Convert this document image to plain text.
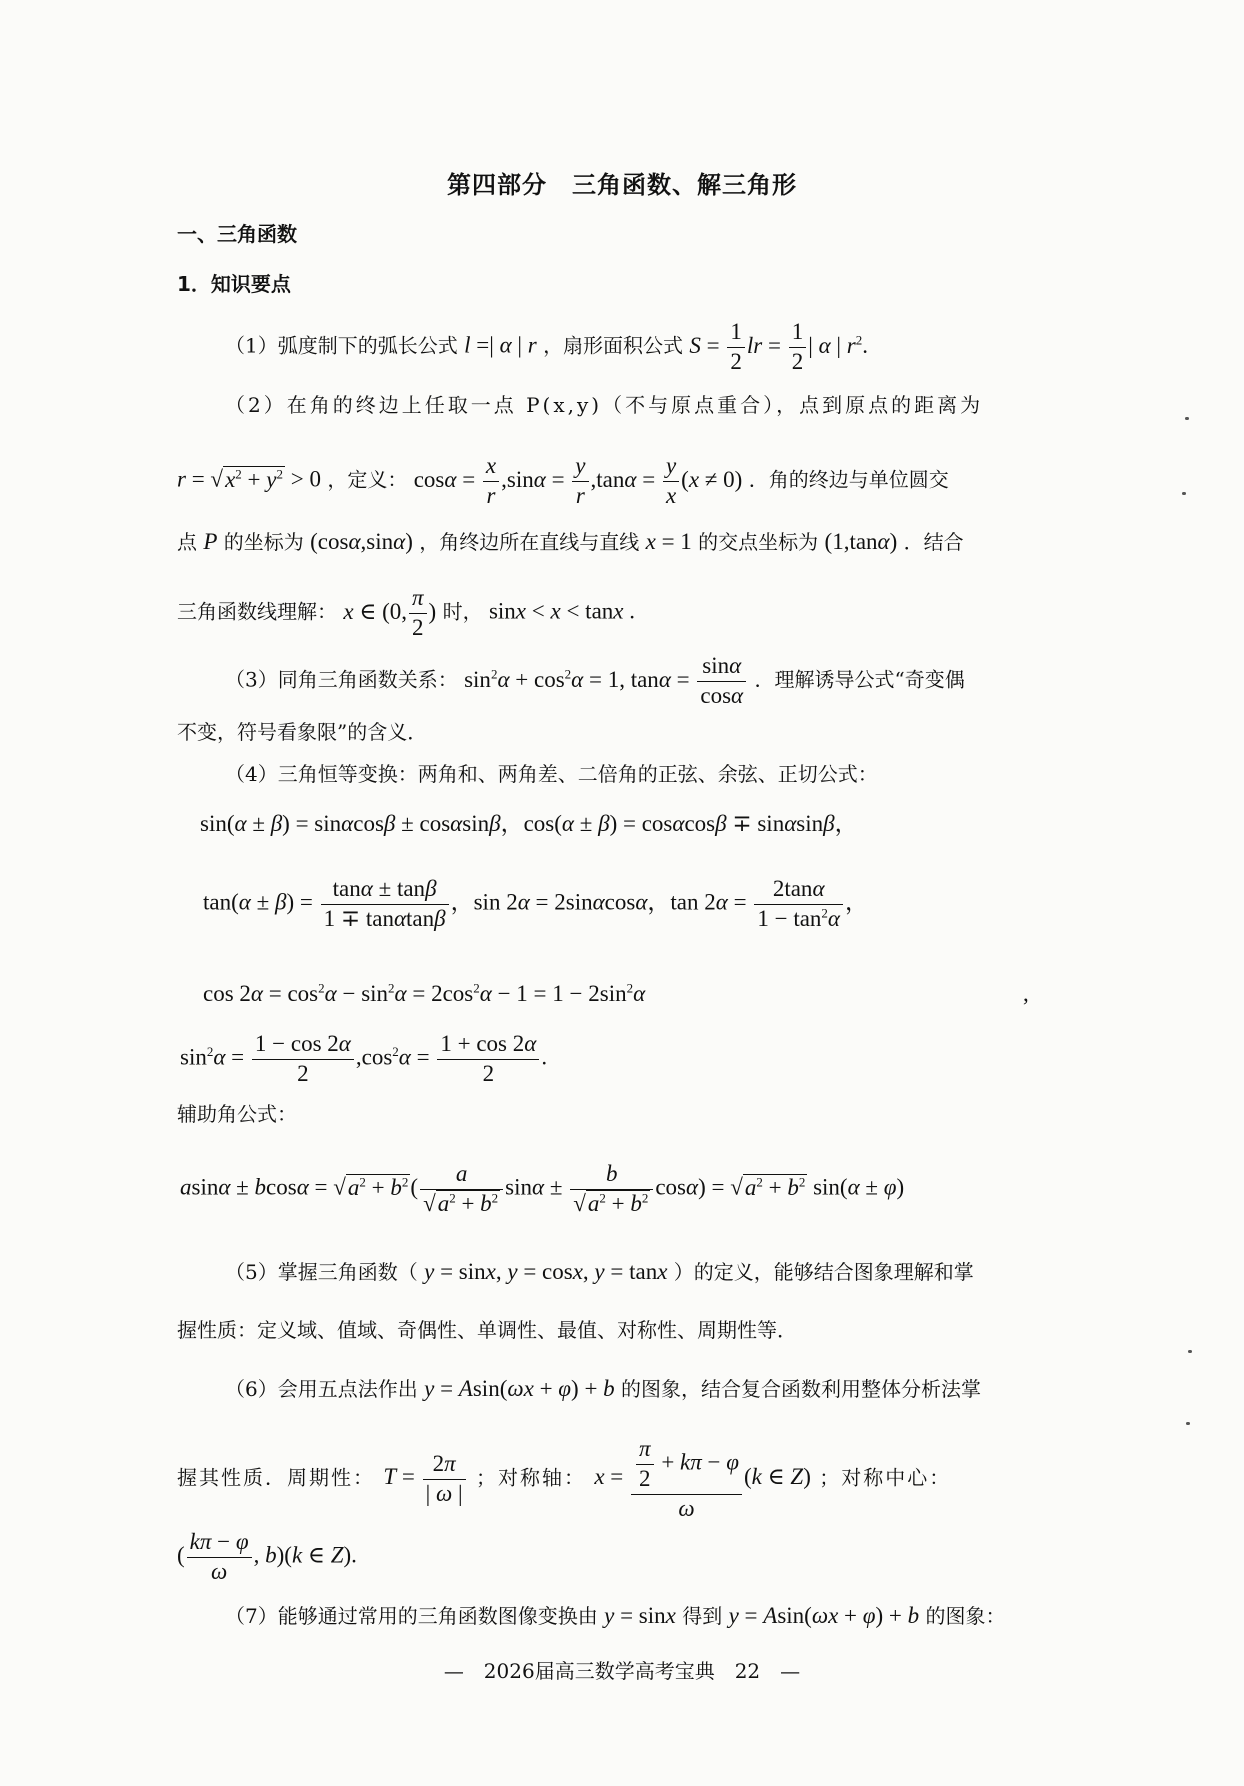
第四部分　三角函数、解三角形
一、三角函数
1．知识要点
（1）弧度制下的弧长公式 l =| α | r ，扇形面积公式 $S = \frac{1}{2}$ lr = $\frac{1}{2}$ | α | $r^2$.
（2）在角的终边上任取一点 P(x,y)（不与原点重合），点到原点的距离为
$r = √x^2 + y^2 > 0$ ，定义： $\cos\alpha = \frac{x}{r} ,\sin\alpha = \frac{y}{r} ,\tan\alpha = \frac{y}{x} (x \ne 0)$ ．角的终边与单位圆交
点 P 的坐标为 (cosα,sinα) ，角终边所在直线与直线 x = 1 的交点坐标为 (1,tanα) ．结合
三角函数线理解： x ∈ (0, $\frac{\pi}{2}$ ) 时， sinx < x < tanx .
（3）同角三角函数关系： $\sin^2\alpha + \cos^2\alpha = 1$, $\tan\alpha = \frac{\sin\alpha}{\cos\alpha}$ ．理解诱导公式“奇变偶
不变，符号看象限”的含义．
（4）三角恒等变换：两角和、两角差、二倍角的正弦、余弦、正切公式：
sin(α ± β) = sinαcosβ ± cosαsinβ，cos(α ± β) = cosαcosβ ∓ sinαsinβ，
$\tan(\alpha \pm \beta) = \frac{\tan\alpha \pm \tan\beta}{1 \mp \tan\alpha\tan\beta}$ ，sin 2α = 2sinαcosα，$\tan 2\alpha = \frac{2\tan\alpha}{1 - \tan^2\alpha}$ ，
$\cos 2\alpha = \cos^2\alpha - \sin^2\alpha = 2\cos^2\alpha - 1 = 1 - 2\sin^2\alpha$	,
$\sin^2\alpha = \frac{1 - \cos 2\alpha}{2} ,\cos^2\alpha = \frac{1 + \cos 2\alpha}{2}$ .
辅助角公式：
$asin\alpha \pm bcos\alpha = √a^2 + b^2( \frac{a}{√a^2 + b^2}$ $\sin\alpha \pm \frac{b}{√a^2 + b^2} \cos\alpha) = √a^2 + b^2$ sin(α ± φ)
（5）掌握三角函数（ y = sinx, y = cosx, y = tanx ）的定义，能够结合图象理解和掌
握性质：定义域、值域、奇偶性、单调性、最值、对称性、周期性等．
（6）会用五点法作出 y = Asin(ωx + φ) + b 的图象，结合复合函数利用整体分析法掌
握其性质．周期性： $T = \frac{2\pi}{| \omega |}$ ；对称轴： $x = \frac{\frac{\pi}{2} + k\pi - \varphi}{\omega} (k$ ∈ Z) ；对称中心：
( $\frac{k\pi - \varphi}{\omega}$ , b)(k ∈ Z).
（7）能够通过常用的三角函数图像变换由 y = sinx 得到 y = Asin(ωx + φ) + b 的图象：
—　2026届高三数学高考宝典　22　—
